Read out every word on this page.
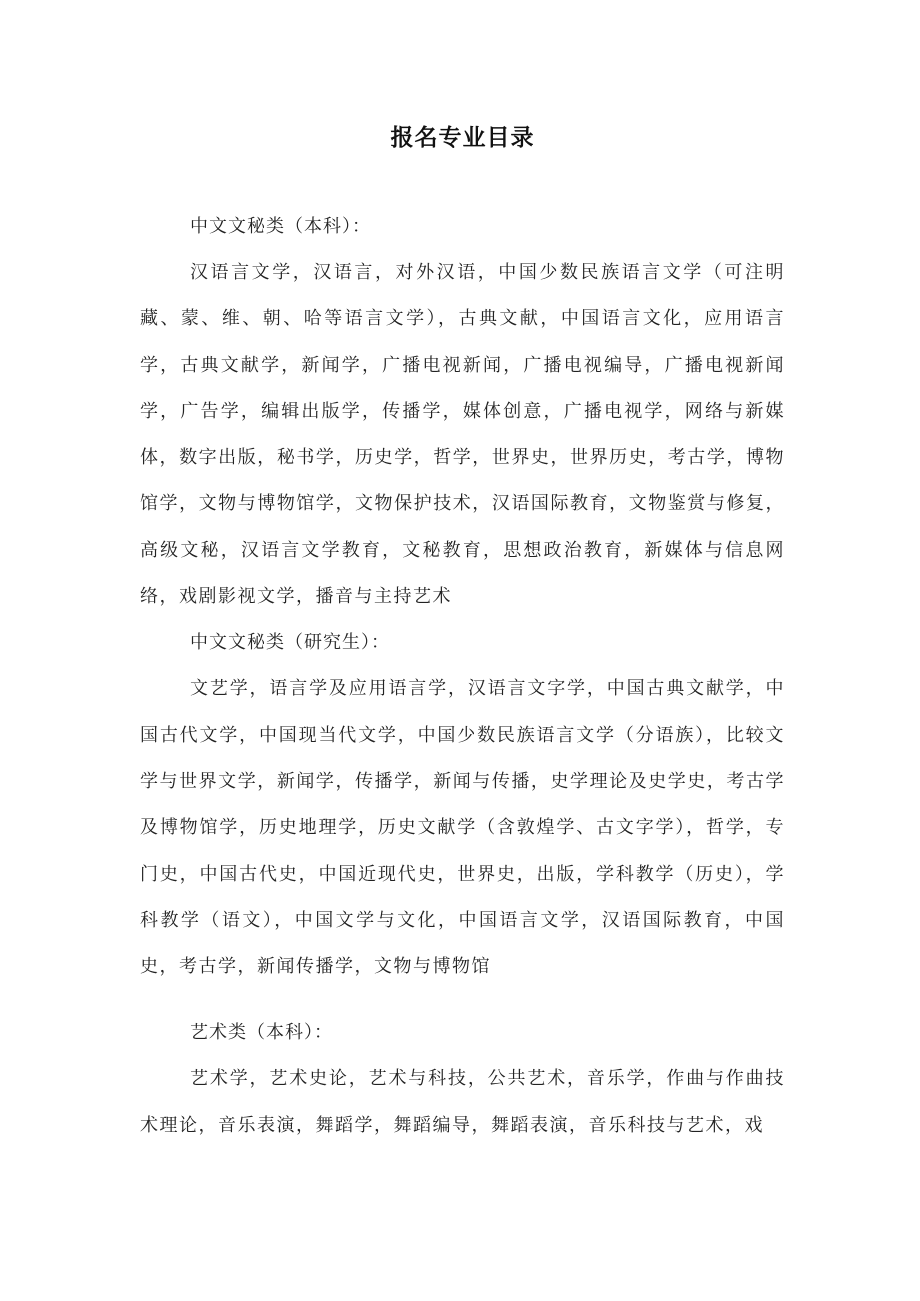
报名专业目录

中文文秘类（本科）：

汉语言文学，汉语言，对外汉语，中国少数民族语言文学（可注明藏、蒙、维、朝、哈等语言文学），古典文献，中国语言文化，应用语言学，古典文献学，新闻学，广播电视新闻，广播电视编导，广播电视新闻学，广告学，编辑出版学，传播学，媒体创意，广播电视学，网络与新媒体，数字出版，秘书学，历史学，哲学，世界史，世界历史，考古学，博物馆学，文物与博物馆学，文物保护技术，汉语国际教育，文物鉴赏与修复，高级文秘，汉语言文学教育，文秘教育，思想政治教育，新媒体与信息网络，戏剧影视文学，播音与主持艺术

中文文秘类（研究生）：

文艺学，语言学及应用语言学，汉语言文字学，中国古典文献学，中国古代文学，中国现当代文学，中国少数民族语言文学（分语族），比较文学与世界文学，新闻学，传播学，新闻与传播，史学理论及史学史，考古学及博物馆学，历史地理学，历史文献学（含敦煌学、古文字学），哲学，专门史，中国古代史，中国近现代史，世界史，出版，学科教学（历史），学科教学（语文），中国文学与文化，中国语言文学，汉语国际教育，中国史，考古学，新闻传播学，文物与博物馆

艺术类（本科）：

艺术学，艺术史论，艺术与科技，公共艺术，音乐学，作曲与作曲技术理论，音乐表演，舞蹈学，舞蹈编导，舞蹈表演，音乐科技与艺术，戏
